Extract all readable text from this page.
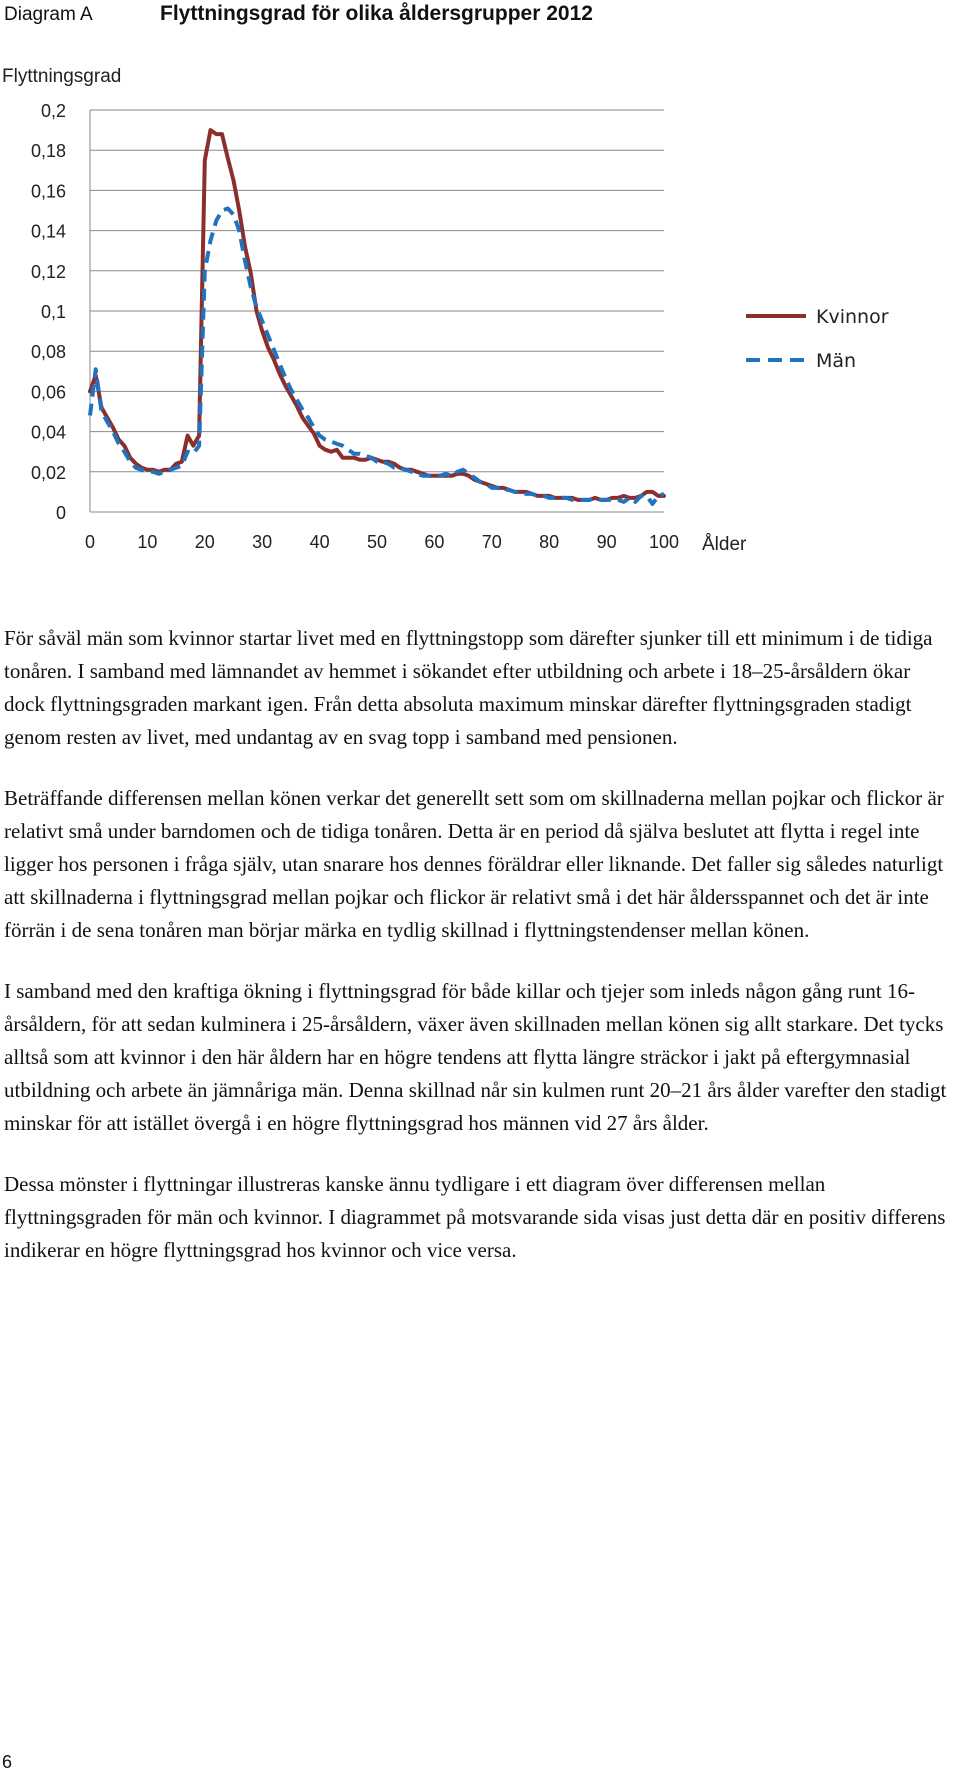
Diagram A	Flyttningsgrad för olika åldersgrupper 2012
0
0,02
0,04
0,06
0,08
0,1
0,12
0,14
0,16
0,18
0,2
0 10 20 30 40 50 60 70 80 90 100
Flyttningsgrad
Ålder
Kvinnor
Män

För såväl män som kvinnor startar livet med en flyttningstopp som därefter sjunker till ett minimum i de tidiga tonåren. I samband med lämnandet av hemmet i sökandet efter utbildning och arbete i 18–25-årsåldern ökar dock flyttningsgraden markant igen. Från detta absoluta maximum minskar därefter flyttningsgraden stadigt genom resten av livet, med undantag av en svag topp i samband med pensionen.

Beträffande differensen mellan könen verkar det generellt sett som om skillnaderna mellan pojkar och flickor är relativt små under barndomen och de tidiga tonåren. Detta är en period då själva beslutet att flytta i regel inte ligger hos personen i fråga själv, utan snarare hos dennes föräldrar eller liknande. Det faller sig således naturligt att skillnaderna i flyttningsgrad mellan pojkar och flickor är relativt små i det här åldersspannet och det är inte förrän i de sena tonåren man börjar märka en tydlig skillnad i flyttningstendenser mellan könen.

I samband med den kraftiga ökning i flyttningsgrad för både killar och tjejer som inleds någon gång runt 16-årsåldern, för att sedan kulminera i 25-årsåldern, växer även skillnaden mellan könen sig allt starkare. Det tycks alltså som att kvinnor i den här åldern har en högre tendens att flytta längre sträckor i jakt på eftergymnasial utbildning och arbete än jämnåriga män. Denna skillnad når sin kulmen runt 20–21 års ålder varefter den stadigt minskar för att istället övergå i en högre flyttningsgrad hos männen vid 27 års ålder.

Dessa mönster i flyttningar illustreras kanske ännu tydligare i ett diagram över differensen mellan flyttningsgraden för män och kvinnor. I diagrammet på motsvarande sida visas just detta där en positiv differens indikerar en högre flyttningsgrad hos kvinnor och vice versa.

6
